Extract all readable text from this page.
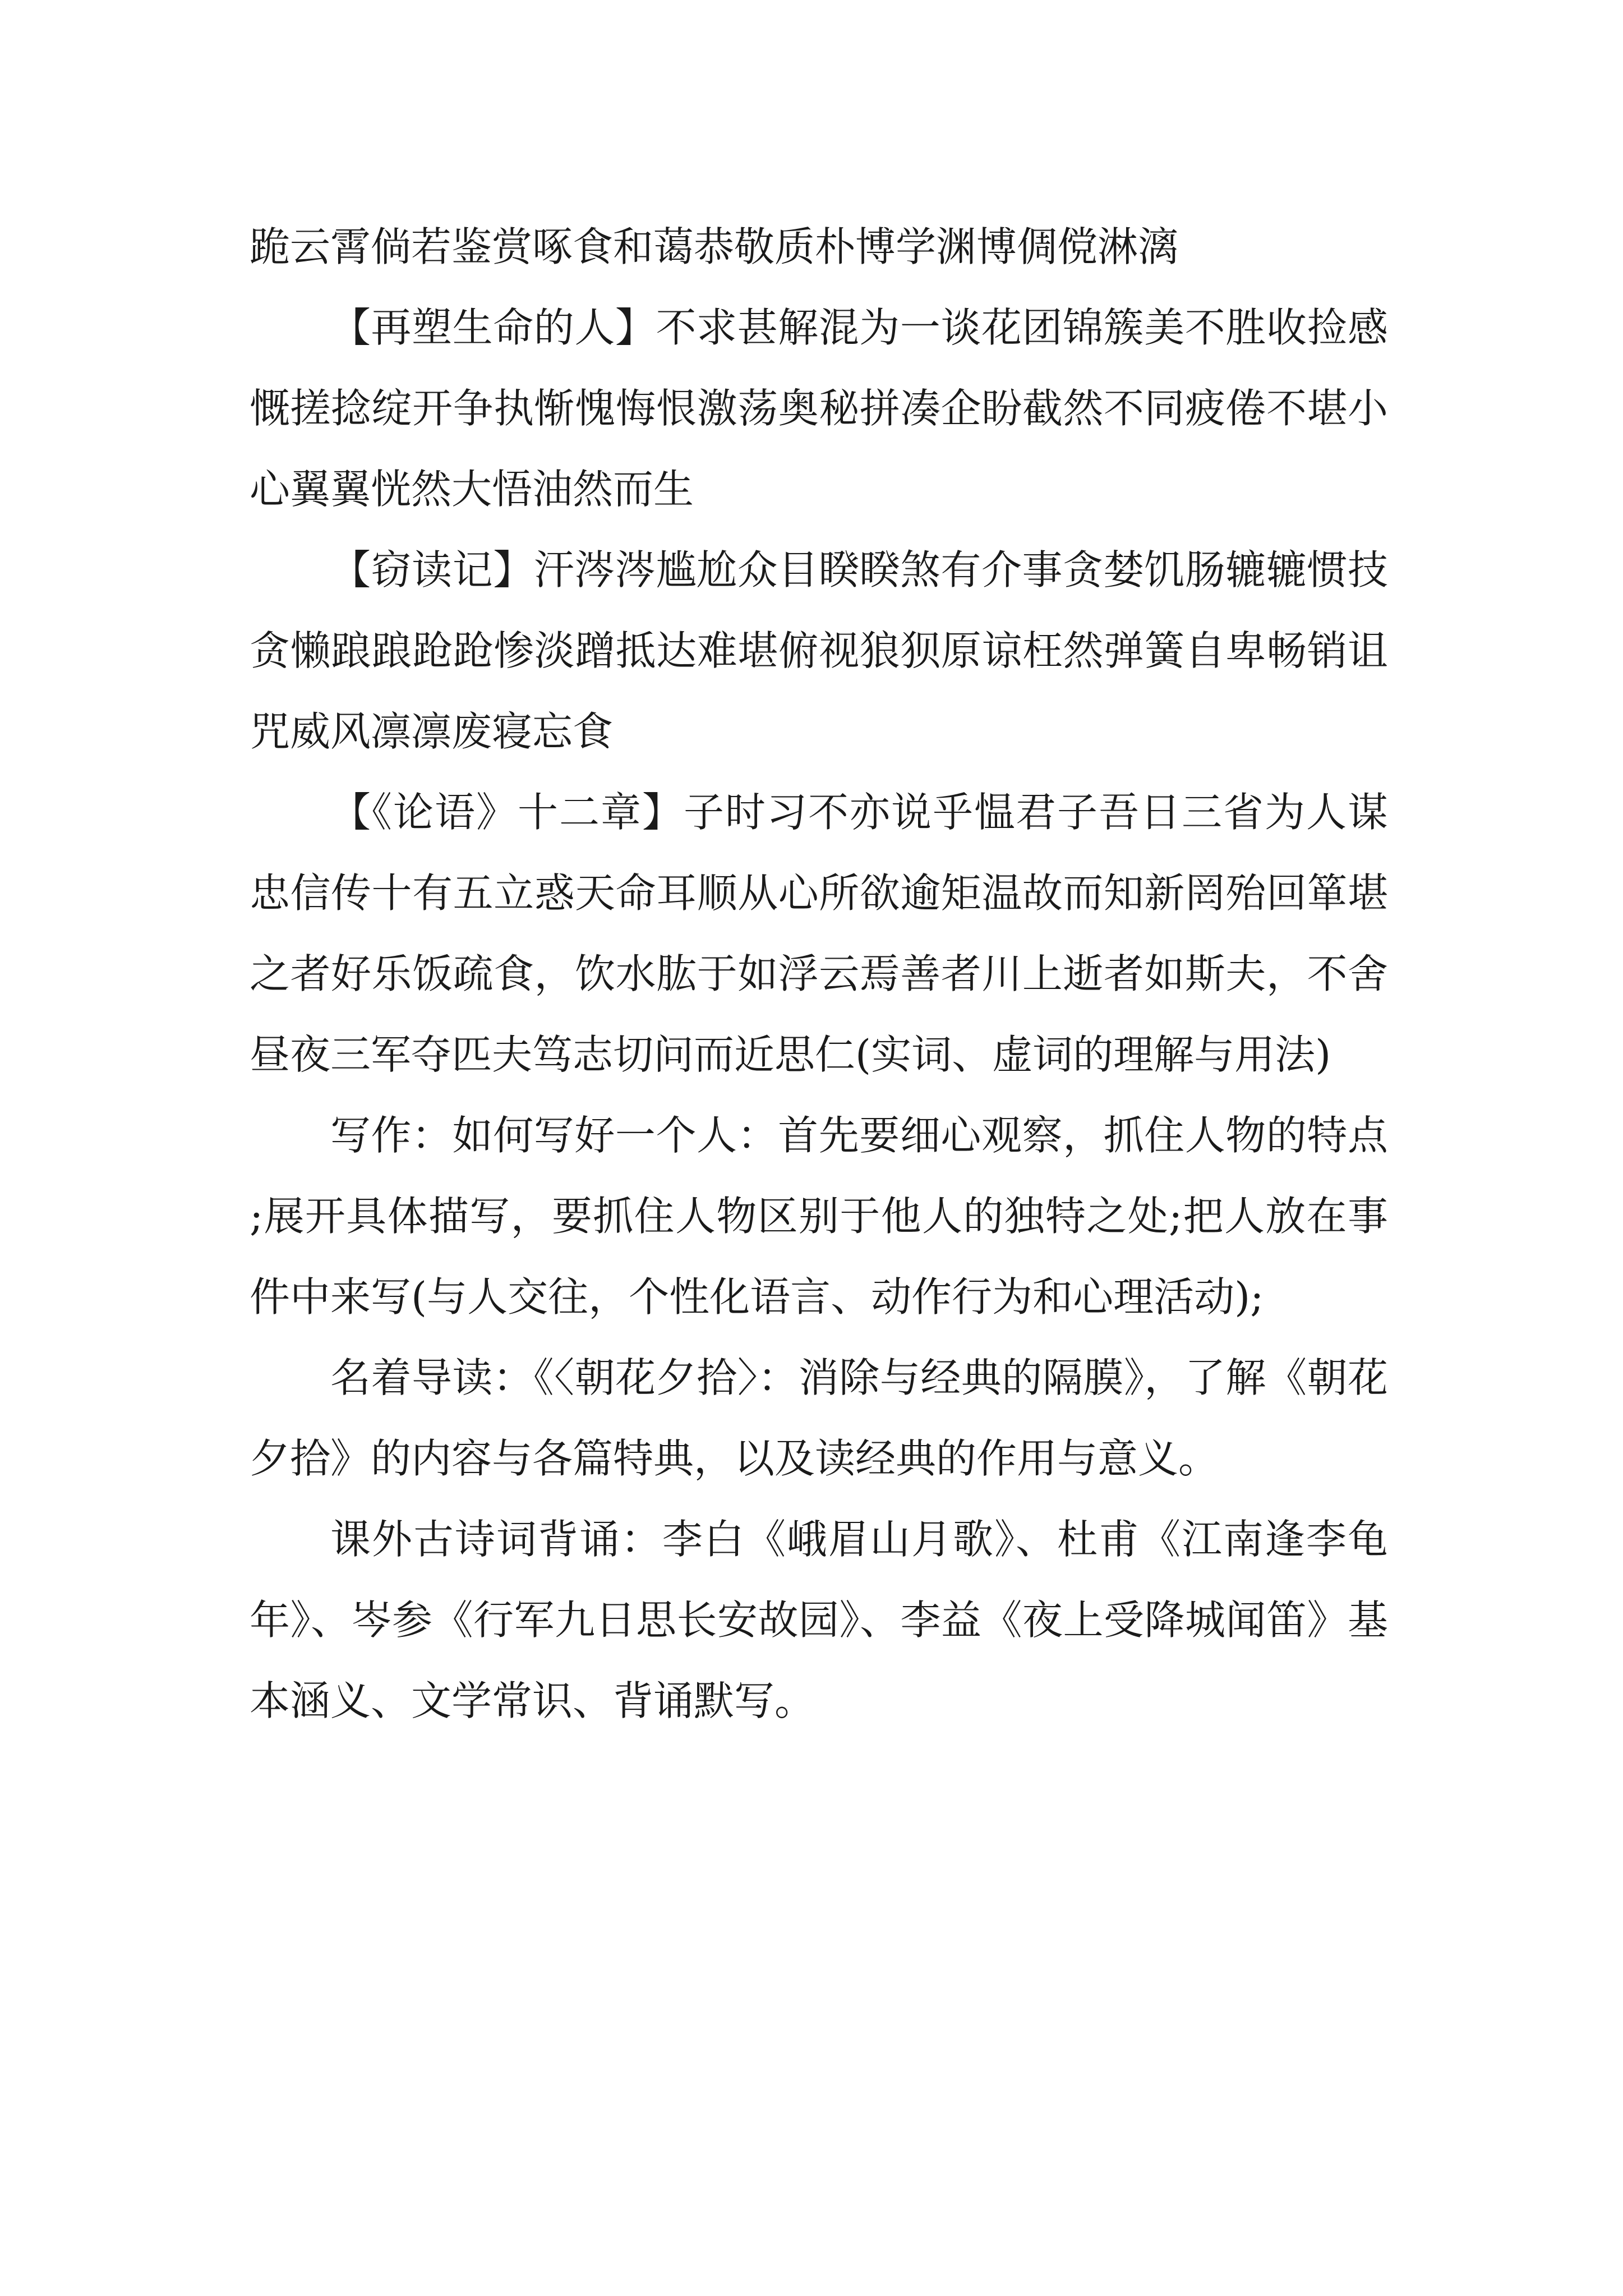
跪云霄倘若鉴赏啄食和蔼恭敬质朴博学渊博倜傥淋漓

【再塑生命的人】不求甚解混为一谈花团锦簇美不胜收捡感慨搓捻绽开争执惭愧悔恨激荡奥秘拼凑企盼截然不同疲倦不堪小心翼翼恍然大悟油然而生

【窃读记】汗涔涔尴尬众目睽睽煞有介事贪婪饥肠辘辘惯技贪懒踉踉跄跄惨淡蹭抵达难堪俯视狼狈原谅枉然弹簧自卑畅销诅咒威风凛凛废寝忘食

【《论语》十二章】子时习不亦说乎愠君子吾日三省为人谋忠信传十有五立惑天命耳顺从心所欲逾矩温故而知新罔殆回箪堪之者好乐饭疏食，饮水肱于如浮云焉善者川上逝者如斯夫，不舍昼夜三军夺匹夫笃志切问而近思仁(实词、虚词的理解与用法)

写作：如何写好一个人：首先要细心观察，抓住人物的特点;展开具体描写，要抓住人物区别于他人的独特之处;把人放在事件中来写(与人交往，个性化语言、动作行为和心理活动);

名着导读：《〈朝花夕拾〉：消除与经典的隔膜》，了解《朝花夕拾》的内容与各篇特典，以及读经典的作用与意义。

课外古诗词背诵：李白《峨眉山月歌》、杜甫《江南逢李龟年》、岑参《行军九日思长安故园》、李益《夜上受降城闻笛》基本涵义、文学常识、背诵默写。
